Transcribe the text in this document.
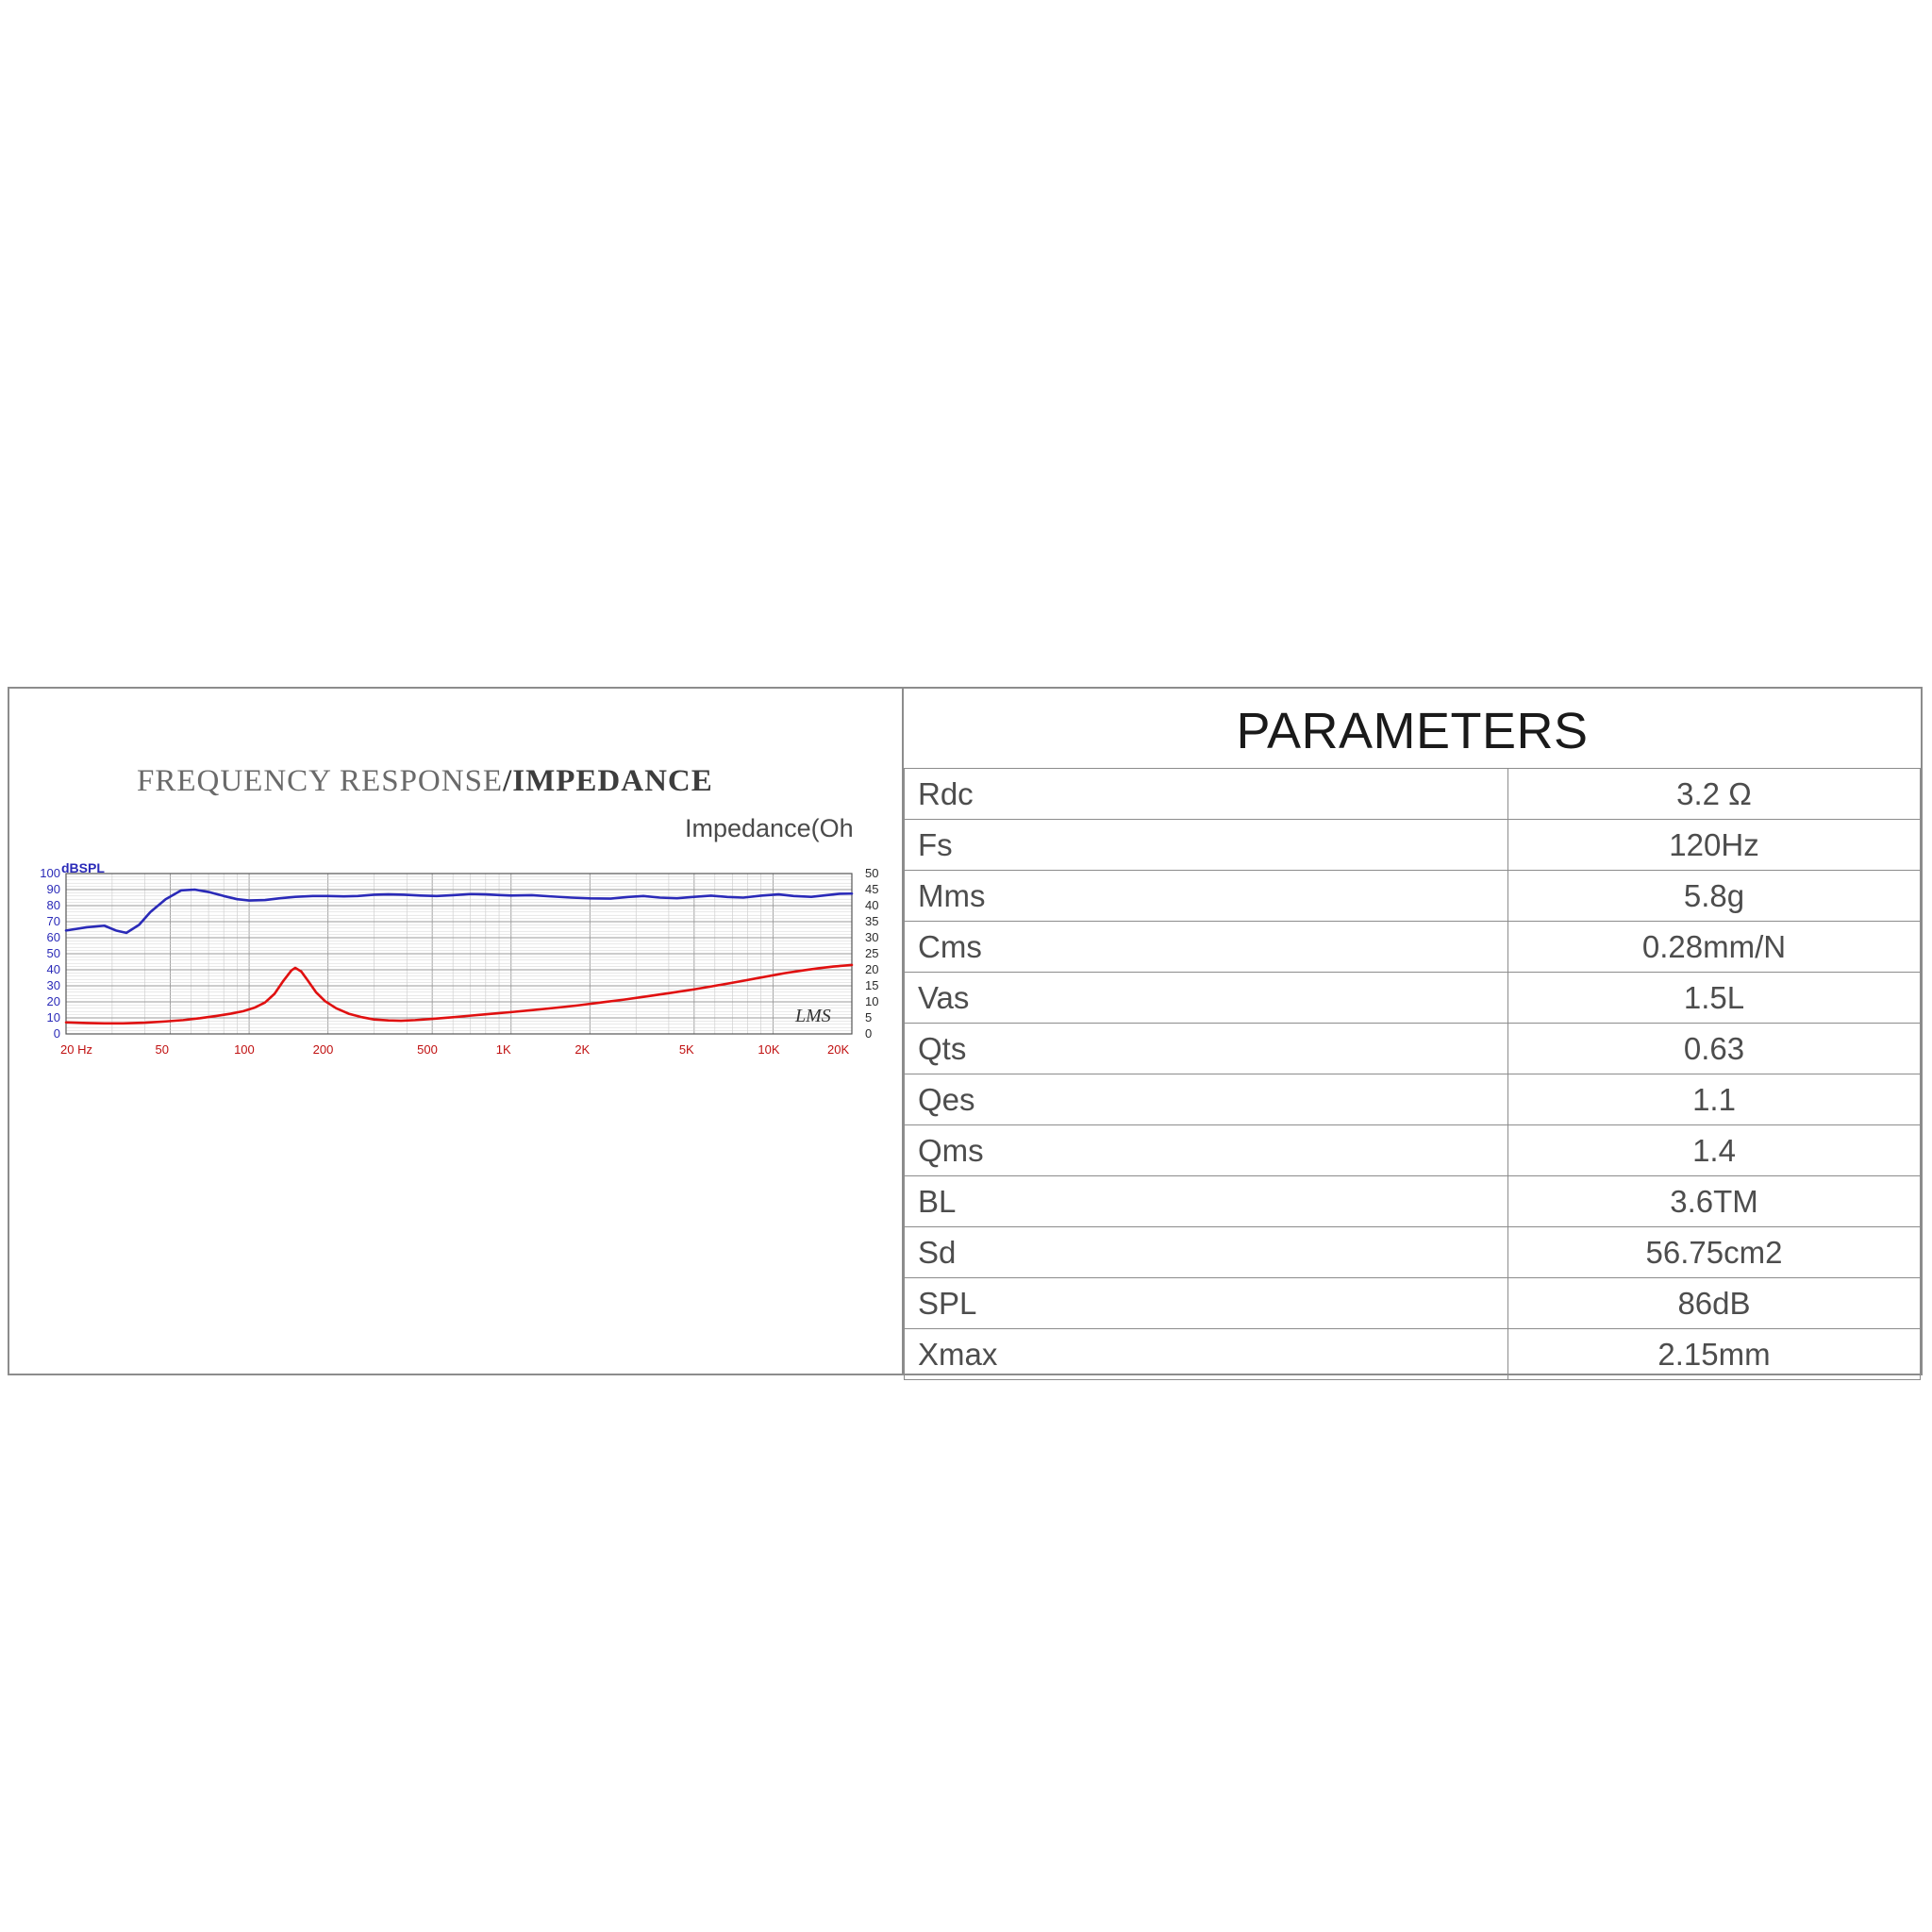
FREQUENCY RESPONSE/IMPEDANCE
Impedance(Oh
dBSPL
0
10
20
30
40
50
60
70
80
90
100
0
5
10
15
20
25
30
35
40
45
50
20 Hz	50	100	200	500	1K	2K	5K	10K	20K
LMS
PARAMETERS
Rdc	3.2 Ω
Fs	120Hz
Mms	5.8g
Cms	0.28mm/N
Vas	1.5L
Qts	0.63
Qes	1.1
Qms	1.4
BL	3.6TM
Sd	56.75cm2
SPL	86dB
Xmax	2.15mm
